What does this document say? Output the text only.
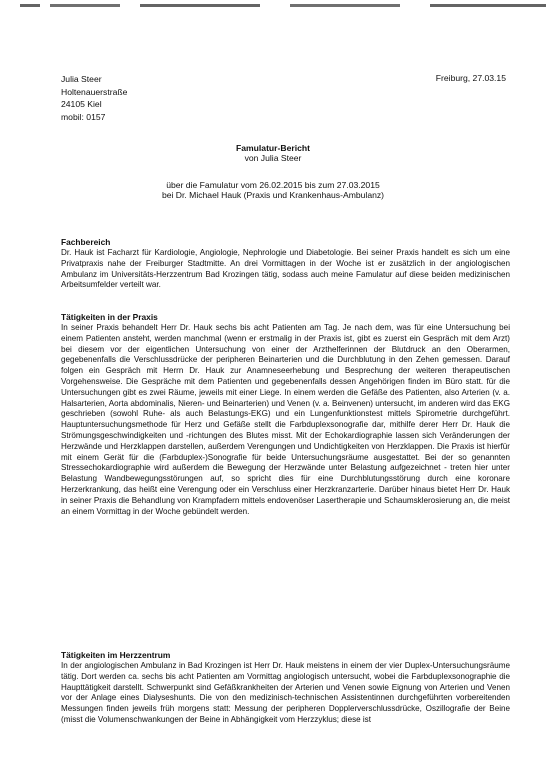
Julia Steer
Holtenauerstraße
24105 Kiel
mobil: 0157
Freiburg, 27.03.15
Famulatur-Bericht
von Julia Steer
über die Famulatur vom 26.02.2015 bis zum 27.03.2015
bei Dr. Michael Hauk (Praxis und Krankenhaus-Ambulanz)
Fachbereich

Dr. Hauk ist Facharzt für Kardiologie, Angiologie, Nephrologie und Diabetologie. Bei seiner Praxis handelt es sich um eine Privatpraxis nahe der Freiburger Stadtmitte. An drei Vormittagen in der Woche ist er zusätzlich in der angiologischen Ambulanz im Universitäts-Herzzentrum Bad Krozingen tätig, sodass auch meine Famulatur auf diese beiden medizinischen Arbeitsumfelder verteilt war.

Tätigkeiten in der Praxis

In seiner Praxis behandelt Herr Dr. Hauk sechs bis acht Patienten am Tag. Je nach dem, was für eine Untersuchung bei einem Patienten ansteht, werden manchmal (wenn er erstmalig in der Praxis ist, gibt es zuerst ein Gespräch mit dem Arzt) bei diesem vor der eigentlichen Untersuchung von einer der Arzthelferinnen der Blutdruck an den Oberarmen, gegebenenfalls die Verschlussdrücke der peripheren Beinarterien und die Durchblutung in den Zehen gemessen. Darauf folgen ein Gespräch mit Herrn Dr. Hauk zur Anamneseerhebung und Besprechung der weiteren therapeutischen Vorgehensweise. Die Gespräche mit dem Patienten und gegebenenfalls dessen Angehörigen finden im Büro statt. für die Untersuchungen gibt es zwei Räume, jeweils mit einer Liege. In einem werden die Gefäße des Patienten, also Arterien (v. a. Halsarterien, Aorta abdominalis, Nieren- und Beinarterien) und Venen (v. a. Beinvenen) untersucht, im anderen wird das EKG geschrieben (sowohl Ruhe- als auch Belastungs-EKG) und ein Lungenfunktionstest mittels Spirometrie durchgeführt. Hauptuntersuchungsmethode für Herz und Gefäße stellt die Farbduplexsonografie dar, mithilfe derer Herr Dr. Hauk die Strömungsgeschwindigkeiten und -richtungen des Blutes misst. Mit der Echokardiographie lassen sich Veränderungen der Herzwände und Herzklappen darstellen, außerdem Verengungen und Undichtigkeiten von Herzklappen. Die Praxis ist hierfür mit einem Gerät für die (Farbduplex-)Sonografie für beide Untersuchungsräume ausgestattet. Bei der so genannten Stressechokardiographie wird außerdem die Bewegung der Herzwände unter Belastung aufgezeichnet - treten hier unter Belastung Wandbewegungsstörungen auf, so spricht dies für eine Durchblutungsstörung durch eine koronare Herzerkrankung, das heißt eine Verengung oder ein Verschluss einer Herzkranzarterie. Darüber hinaus bietet Herr Dr. Hauk in seiner Praxis die Behandlung von Krampfadern mittels endovenöser Lasertherapie und Schaumsklerosierung an, die meist an einem Vormittag in der Woche gebündelt werden.

Tätigkeiten im Herzzentrum

In der angiologischen Ambulanz in Bad Krozingen ist Herr Dr. Hauk meistens in einem der vier Duplex-Untersuchungsräume tätig. Dort werden ca. sechs bis acht Patienten am Vormittag angiologisch untersucht, wobei die Farbduplexsonographie die Haupttätigkeit darstellt. Schwerpunkt sind Gefäßkrankheiten der Arterien und Venen sowie Eignung von Arterien und Venen vor der Anlage eines Dialyseshunts. Die von den medizinisch-technischen Assistentinnen durchgeführten vorbereitenden Messungen finden jeweils früh morgens statt: Messung der peripheren Dopplerverschlussdrücke, Oszillografie der Beine (misst die Volumenschwankungen der Beine in Abhängigkeit vom Herzzyklus; diese ist
